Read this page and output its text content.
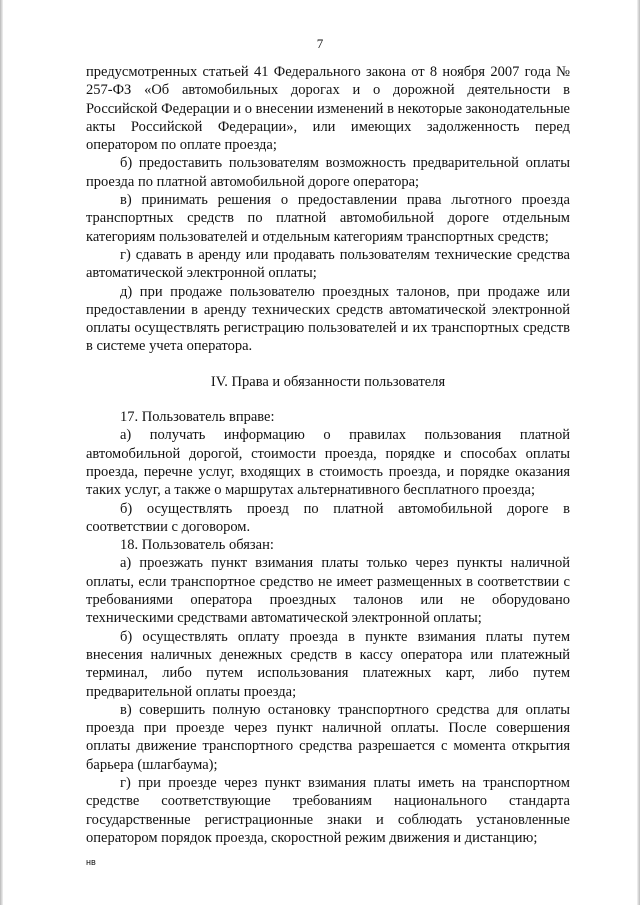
7

предусмотренных статьей 41 Федерального закона от 8 ноября 2007 года № 257-ФЗ «Об автомобильных дорогах и о дорожной деятельности в Российской Федерации и о внесении изменений в некоторые законодательные акты Российской Федерации», или имеющих задолженность перед оператором по оплате проезда;

б) предоставить пользователям возможность предварительной оплаты проезда по платной автомобильной дороге оператора;

в) принимать решения о предоставлении права льготного проезда транспортных средств по платной автомобильной дороге отдельным категориям пользователей и отдельным категориям транспортных средств;

г) сдавать в аренду или продавать пользователям технические средства автоматической электронной оплаты;

д) при продаже пользователю проездных талонов, при продаже или предоставлении в аренду технических средств автоматической электронной оплаты осуществлять регистрацию пользователей и их транспортных средств в системе учета оператора.

IV. Права и обязанности пользователя

17. Пользователь вправе:

а) получать информацию о правилах пользования платной автомобильной дорогой, стоимости проезда, порядке и способах оплаты проезда, перечне услуг, входящих в стоимость проезда, и порядке оказания таких услуг, а также о маршрутах альтернативного бесплатного проезда;

б) осуществлять проезд по платной автомобильной дороге в соответствии с договором.

18. Пользователь обязан:

а) проезжать пункт взимания платы только через пункты наличной оплаты, если транспортное средство не имеет размещенных в соответствии с требованиями оператора проездных талонов или не оборудовано техническими средствами автоматической электронной оплаты;

б) осуществлять оплату проезда в пункте взимания платы путем внесения наличных денежных средств в кассу оператора или платежный терминал, либо путем использования платежных карт, либо путем предварительной оплаты проезда;

в) совершить полную остановку транспортного средства для оплаты проезда при проезде через пункт наличной оплаты. После совершения оплаты движение транспортного средства разрешается с момента открытия барьера (шлагбаума);

г) при проезде через пункт взимания платы иметь на транспортном средстве соответствующие требованиям национального стандарта государственные регистрационные знаки и соблюдать установленные оператором порядок проезда, скоростной режим движения и дистанцию;

нв
